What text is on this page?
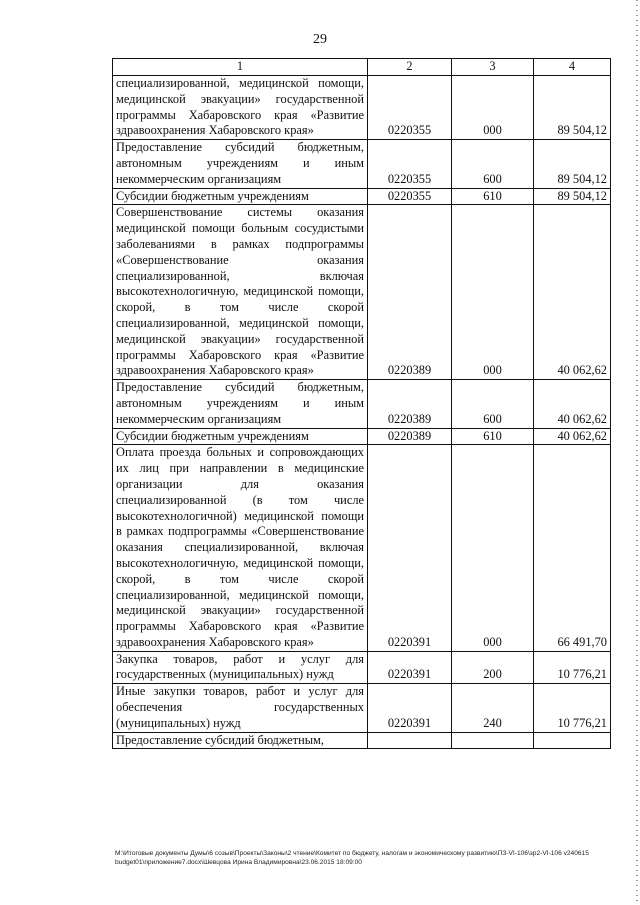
29
1	2	3	4
специализированной, медицинской помощи, медицинской эвакуации» государственной программы Хабаровского края «Развитие здравоохранения Хабаровского края»	0220355	000	89 504,12
Предоставление субсидий бюджетным, автономным учреждениям и иным некоммерческим организациям	0220355	600	89 504,12
Субсидии бюджетным учреждениям	0220355	610	89 504,12
Совершенствование системы оказания медицинской помощи больным сосудистыми заболеваниями в рамках подпрограммы «Совершенствование оказания специализированной, включая высокотехнологичную, медицинской помощи, скорой, в том числе скорой специализированной, медицинской помощи, медицинской эвакуации» государственной программы Хабаровского края «Развитие здравоохранения Хабаровского края»	0220389	000	40 062,62
Предоставление субсидий бюджетным, автономным учреждениям и иным некоммерческим организациям	0220389	600	40 062,62
Субсидии бюджетным учреждениям	0220389	610	40 062,62
Оплата проезда больных и сопровождающих их лиц при направлении в медицинские организации для оказания специализированной (в том числе высокотехнологичной) медицинской помощи в рамках подпрограммы «Совершенствование оказания специализированной, включая высокотехнологичную, медицинской помощи, скорой, в том числе скорой специализированной, медицинской помощи, медицинской эвакуации» государственной программы Хабаровского края «Развитие здравоохранения Хабаровского края»	0220391	000	66 491,70
Закупка товаров, работ и услуг для государственных (муниципальных) нужд	0220391	200	10 776,21
Иные закупки товаров, работ и услуг для обеспечения государственных (муниципальных) нужд	0220391	240	10 776,21
Предоставление субсидий бюджетным,			
М:\Итоговые документы Думы\6 созыв\Проекты\Законы\2 чтение\Комитет по бюджету, налогам и экономическому развитию\ПЗ-VI-106\зр2-VI-106 v240615 budget01\приложение7.docx\Шевцова Ирина Владимировна\23.06.2015 18:09:00
